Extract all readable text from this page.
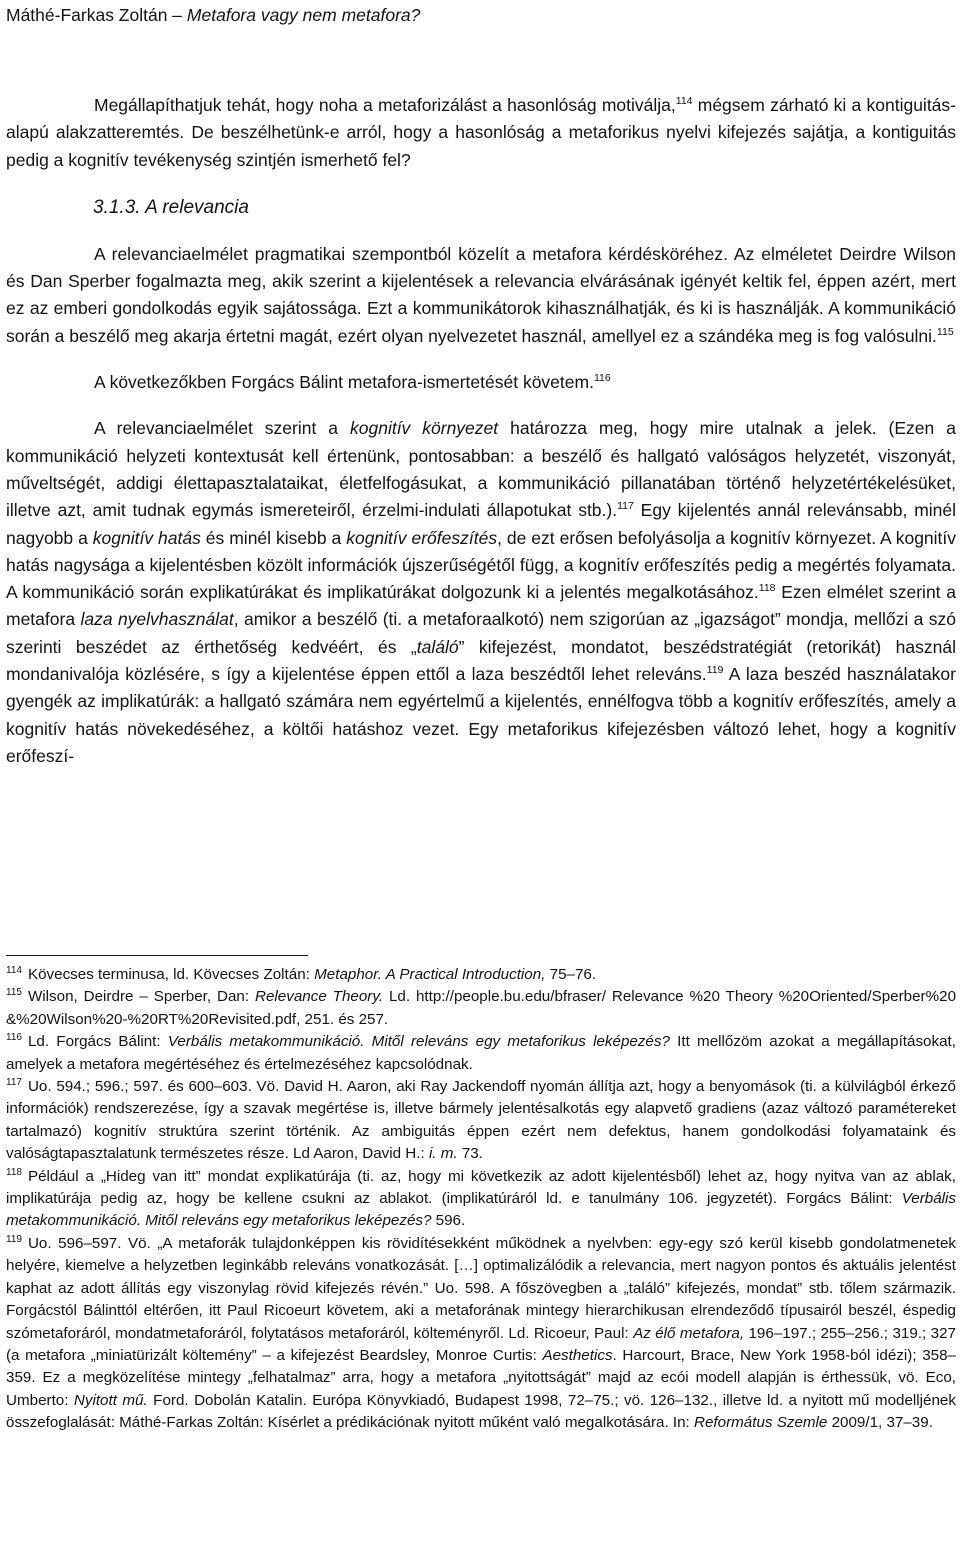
Máthé-Farkas Zoltán – Metafora vagy nem metafora?

Megállapíthatjuk tehát, hogy noha a metaforizálást a hasonlóság motiválja,$^{114}$ mégsem zárható ki a kontiguitás-alapú alakzatteremtés. De beszélhetünk-e arról, hogy a hasonlóság a metaforikus nyelvi kifejezés sajátja, a kontiguitás pedig a kognitív tevékenység szintjén ismerhető fel?

3.1.3. A relevancia

A relevanciaelmélet pragmatikai szempontból közelít a metafora kérdésköréhez. Az elméletet Deirdre Wilson és Dan Sperber fogalmazta meg, akik szerint a kijelentések a relevancia elvárásának igényét keltik fel, éppen azért, mert ez az emberi gondolkodás egyik sajátossága. Ezt a kommunikátorok kihasználhatják, és ki is használják. A kommunikáció során a beszélő meg akarja értetni magát, ezért olyan nyelvezetet használ, amellyel ez a szándéka meg is fog valósulni.$^{115}$

A következőkben Forgács Bálint metafora-ismertetését követem.$^{116}$

A relevanciaelmélet szerint a kognitív környezet határozza meg, hogy mire utalnak a jelek. (Ezen a kommunikáció helyzeti kontextusát kell értenünk, pontosabban: a beszélő és hallgató valóságos helyzetét, viszonyát, műveltségét, addigi élettapasztalataikat, életfelfogásukat, a kommunikáció pillanatában történő helyzetértékelésüket, illetve azt, amit tudnak egymás ismereteiről, érzelmi-indulati állapotukat stb.).$^{117}$ Egy kijelentés annál relevánsabb, minél nagyobb a kognitív hatás és minél kisebb a kognitív erőfeszítés, de ezt erősen befolyásolja a kognitív környezet. A kognitív hatás nagysága a kijelentésben közölt információk újszerűségétől függ, a kognitív erőfeszítés pedig a megértés folyamata. A kommunikáció során explikatúrákat és implikatúrákat dolgozunk ki a jelentés megalkotásához.$^{118}$ Ezen elmélet szerint a metafora laza nyelvhasználat, amikor a beszélő (ti. a metaforaalkotó) nem szigorúan az „igazságot” mondja, mellőzi a szó szerinti beszédet az érthetőség kedvéért, és „találó” kifejezést, mondatot, beszédstratégiát (retorikát) használ mondanivalója közlésére, s így a kijelentése éppen ettől a laza beszédtől lehet releváns.$^{119}$ A laza beszéd használatakor gyengék az implikatúrák: a hallgató számára nem egyértelmű a kijelentés, ennélfogva több a kognitív erőfeszítés, amely a kognitív hatás növekedéséhez, a költői hatáshoz vezet. Egy metaforikus kifejezésben változó lehet, hogy a kognitív erőfeszí-

$^{114}$ Kövecses terminusa, ld. Kövecses Zoltán: Metaphor. A Practical Introduction, 75–76.

$^{115}$ Wilson, Deirdre – Sperber, Dan: Relevance Theory. Ld. http://people.bu.edu/bfraser/ Relevance %20 Theory %20Oriented/Sperber%20&%20Wilson%20-%20RT%20Revisited.pdf, 251. és 257.

$^{116}$ Ld. Forgács Bálint: Verbális metakommunikáció. Mitől releváns egy metaforikus leképezés? Itt mellőzöm azokat a megállapításokat, amelyek a metafora megértéséhez és értelmezéséhez kapcsolódnak.

$^{117}$ Uo. 594.; 596.; 597. és 600–603. Vö. David H. Aaron, aki Ray Jackendoff nyomán állítja azt, hogy a benyomások (ti. a külvilágból érkező információk) rendszerezése, így a szavak megértése is, illetve bármely jelentésalkotás egy alapvető gradiens (azaz változó paramétereket tartalmazó) kognitív struktúra szerint történik. Az ambiguitás éppen ezért nem defektus, hanem gondolkodási folyamataink és valóságtapasztalatunk természetes része. Ld Aaron, David H.: i. m. 73.

$^{118}$ Például a „Hideg van itt” mondat explikatúrája (ti. az, hogy mi következik az adott kijelentésből) lehet az, hogy nyitva van az ablak, implikatúrája pedig az, hogy be kellene csukni az ablakot. (implikatúráról ld. e tanulmány 106. jegyzetét). Forgács Bálint: Verbális metakommunikáció. Mitől releváns egy metaforikus leképezés? 596.

$^{119}$ Uo. 596–597. Vö. „A metaforák tulajdonképpen kis rövidítésekként működnek a nyelvben: egy-egy szó kerül kisebb gondolatmenetek helyére, kiemelve a helyzetben leginkább releváns vonatkozását. […] optimalizálódik a relevancia, mert nagyon pontos és aktuális jelentést kaphat az adott állítás egy viszonylag rövid kifejezés révén.” Uo. 598. A főszövegben a „találó” kifejezés, mondat” stb. tőlem származik. Forgácstól Bálinttól eltérően, itt Paul Ricoeurt követem, aki a metaforának mintegy hierarchikusan elrendeződő típusairól beszél, éspedig szómetaforáról, mondatmetaforáról, folytatásos metaforáról, költeményről. Ld. Ricoeur, Paul: Az élő metafora, 196–197.; 255–256.; 319.; 327 (a metafora „miniatürizált költemény” – a kifejezést Beardsley, Monroe Curtis: Aesthetics. Harcourt, Brace, New York 1958-ból idézi); 358–359. Ez a megközelítése mintegy „felhatalmaz” arra, hogy a metafora „nyitottságát” majd az ecói modell alapján is érthessük, vö. Eco, Umberto: Nyitott mű. Ford. Dobolán Katalin. Európa Könyvkiadó, Budapest 1998, 72–75.; vö. 126–132., illetve ld. a nyitott mű modelljének összefoglalását: Máthé-Farkas Zoltán: Kísérlet a prédikációnak nyitott műként való megalkotására. In: Református Szemle 2009/1, 37–39.
